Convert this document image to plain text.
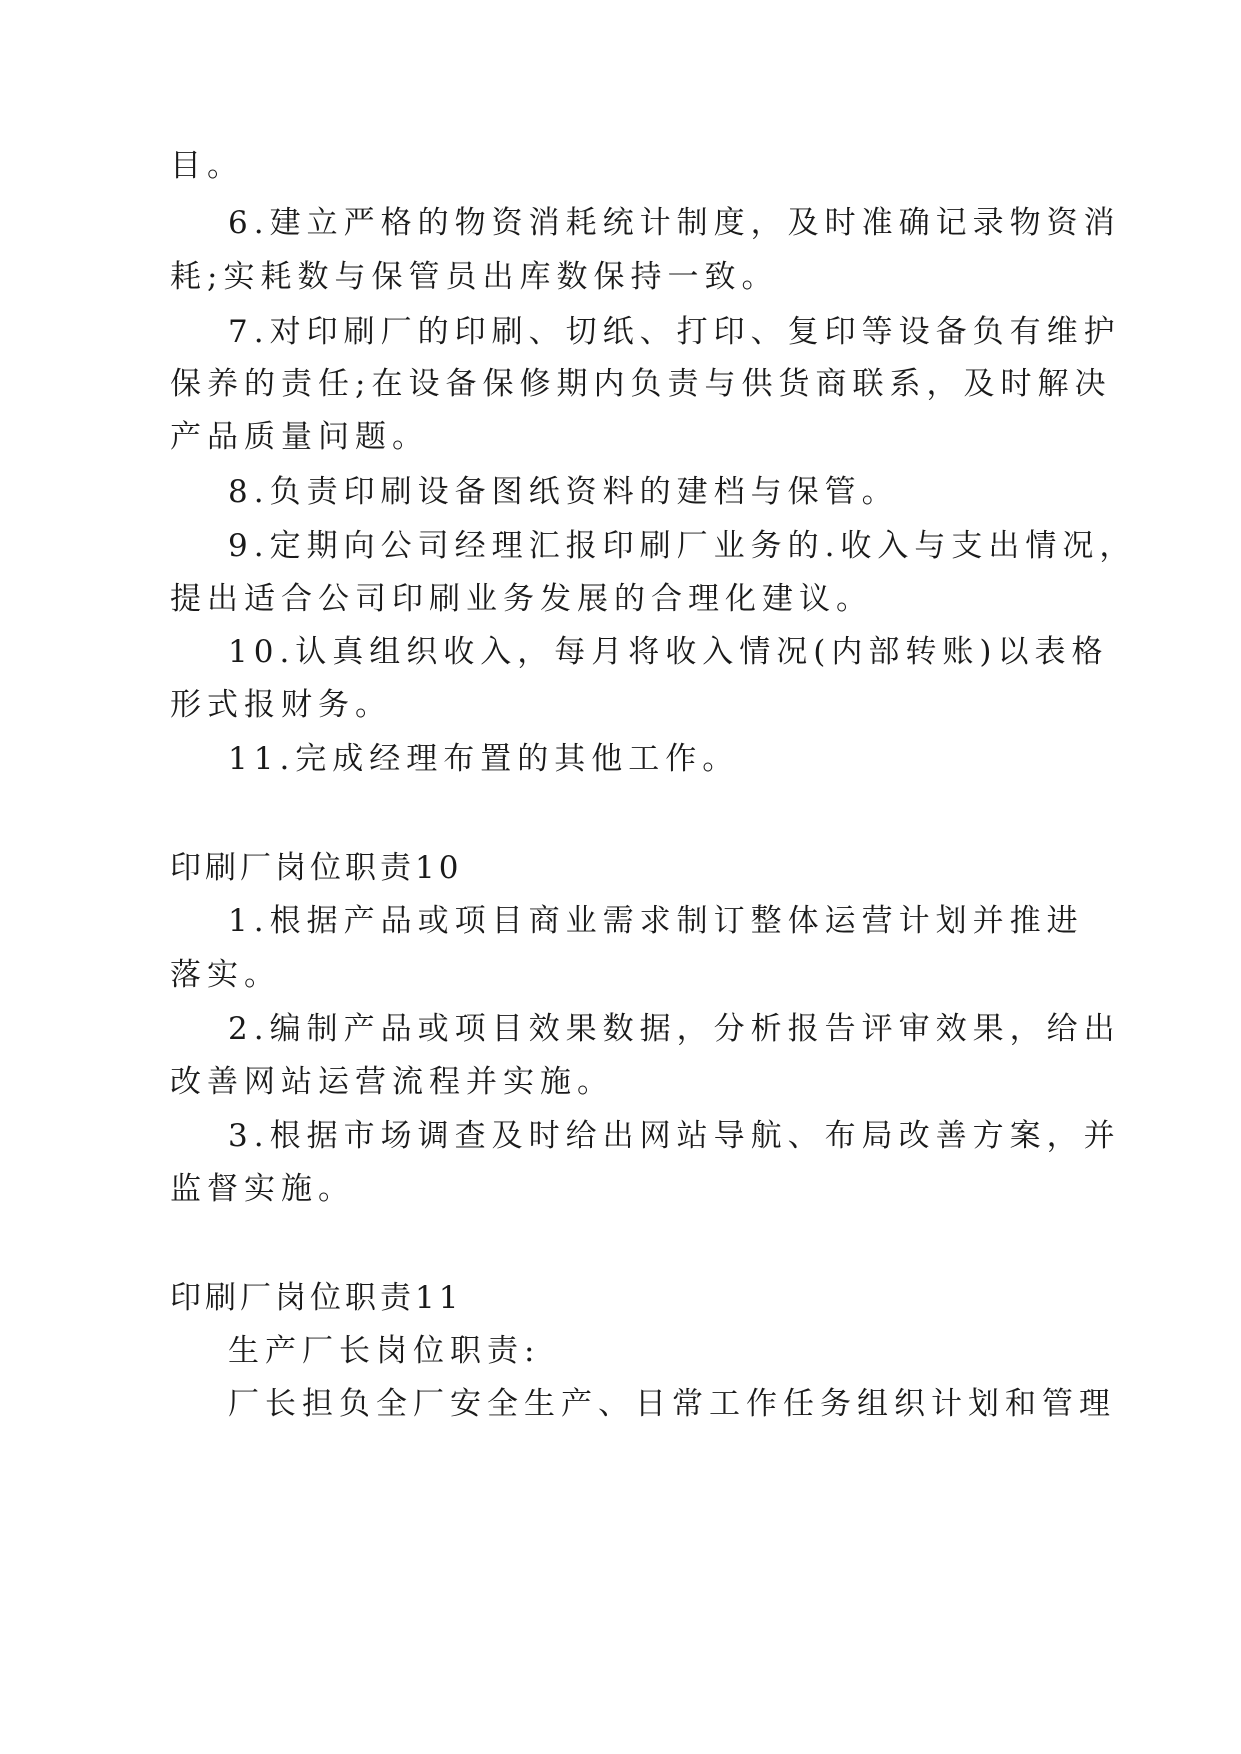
目。

6.建立严格的物资消耗统计制度，及时准确记录物资消

耗;实耗数与保管员出库数保持一致。

7.对印刷厂的印刷、切纸、打印、复印等设备负有维护

保养的责任;在设备保修期内负责与供货商联系，及时解决

产品质量问题。

8.负责印刷设备图纸资料的建档与保管。

9.定期向公司经理汇报印刷厂业务的.收入与支出情况，

提出适合公司印刷业务发展的合理化建议。

10.认真组织收入，每月将收入情况(内部转账)以表格

形式报财务。

11.完成经理布置的其他工作。

印刷厂岗位职责10

1.根据产品或项目商业需求制订整体运营计划并推进

落实。

2.编制产品或项目效果数据，分析报告评审效果，给出

改善网站运营流程并实施。

3.根据市场调查及时给出网站导航、布局改善方案，并

监督实施。

印刷厂岗位职责11

生产厂长岗位职责:

厂长担负全厂安全生产、日常工作任务组织计划和管理
